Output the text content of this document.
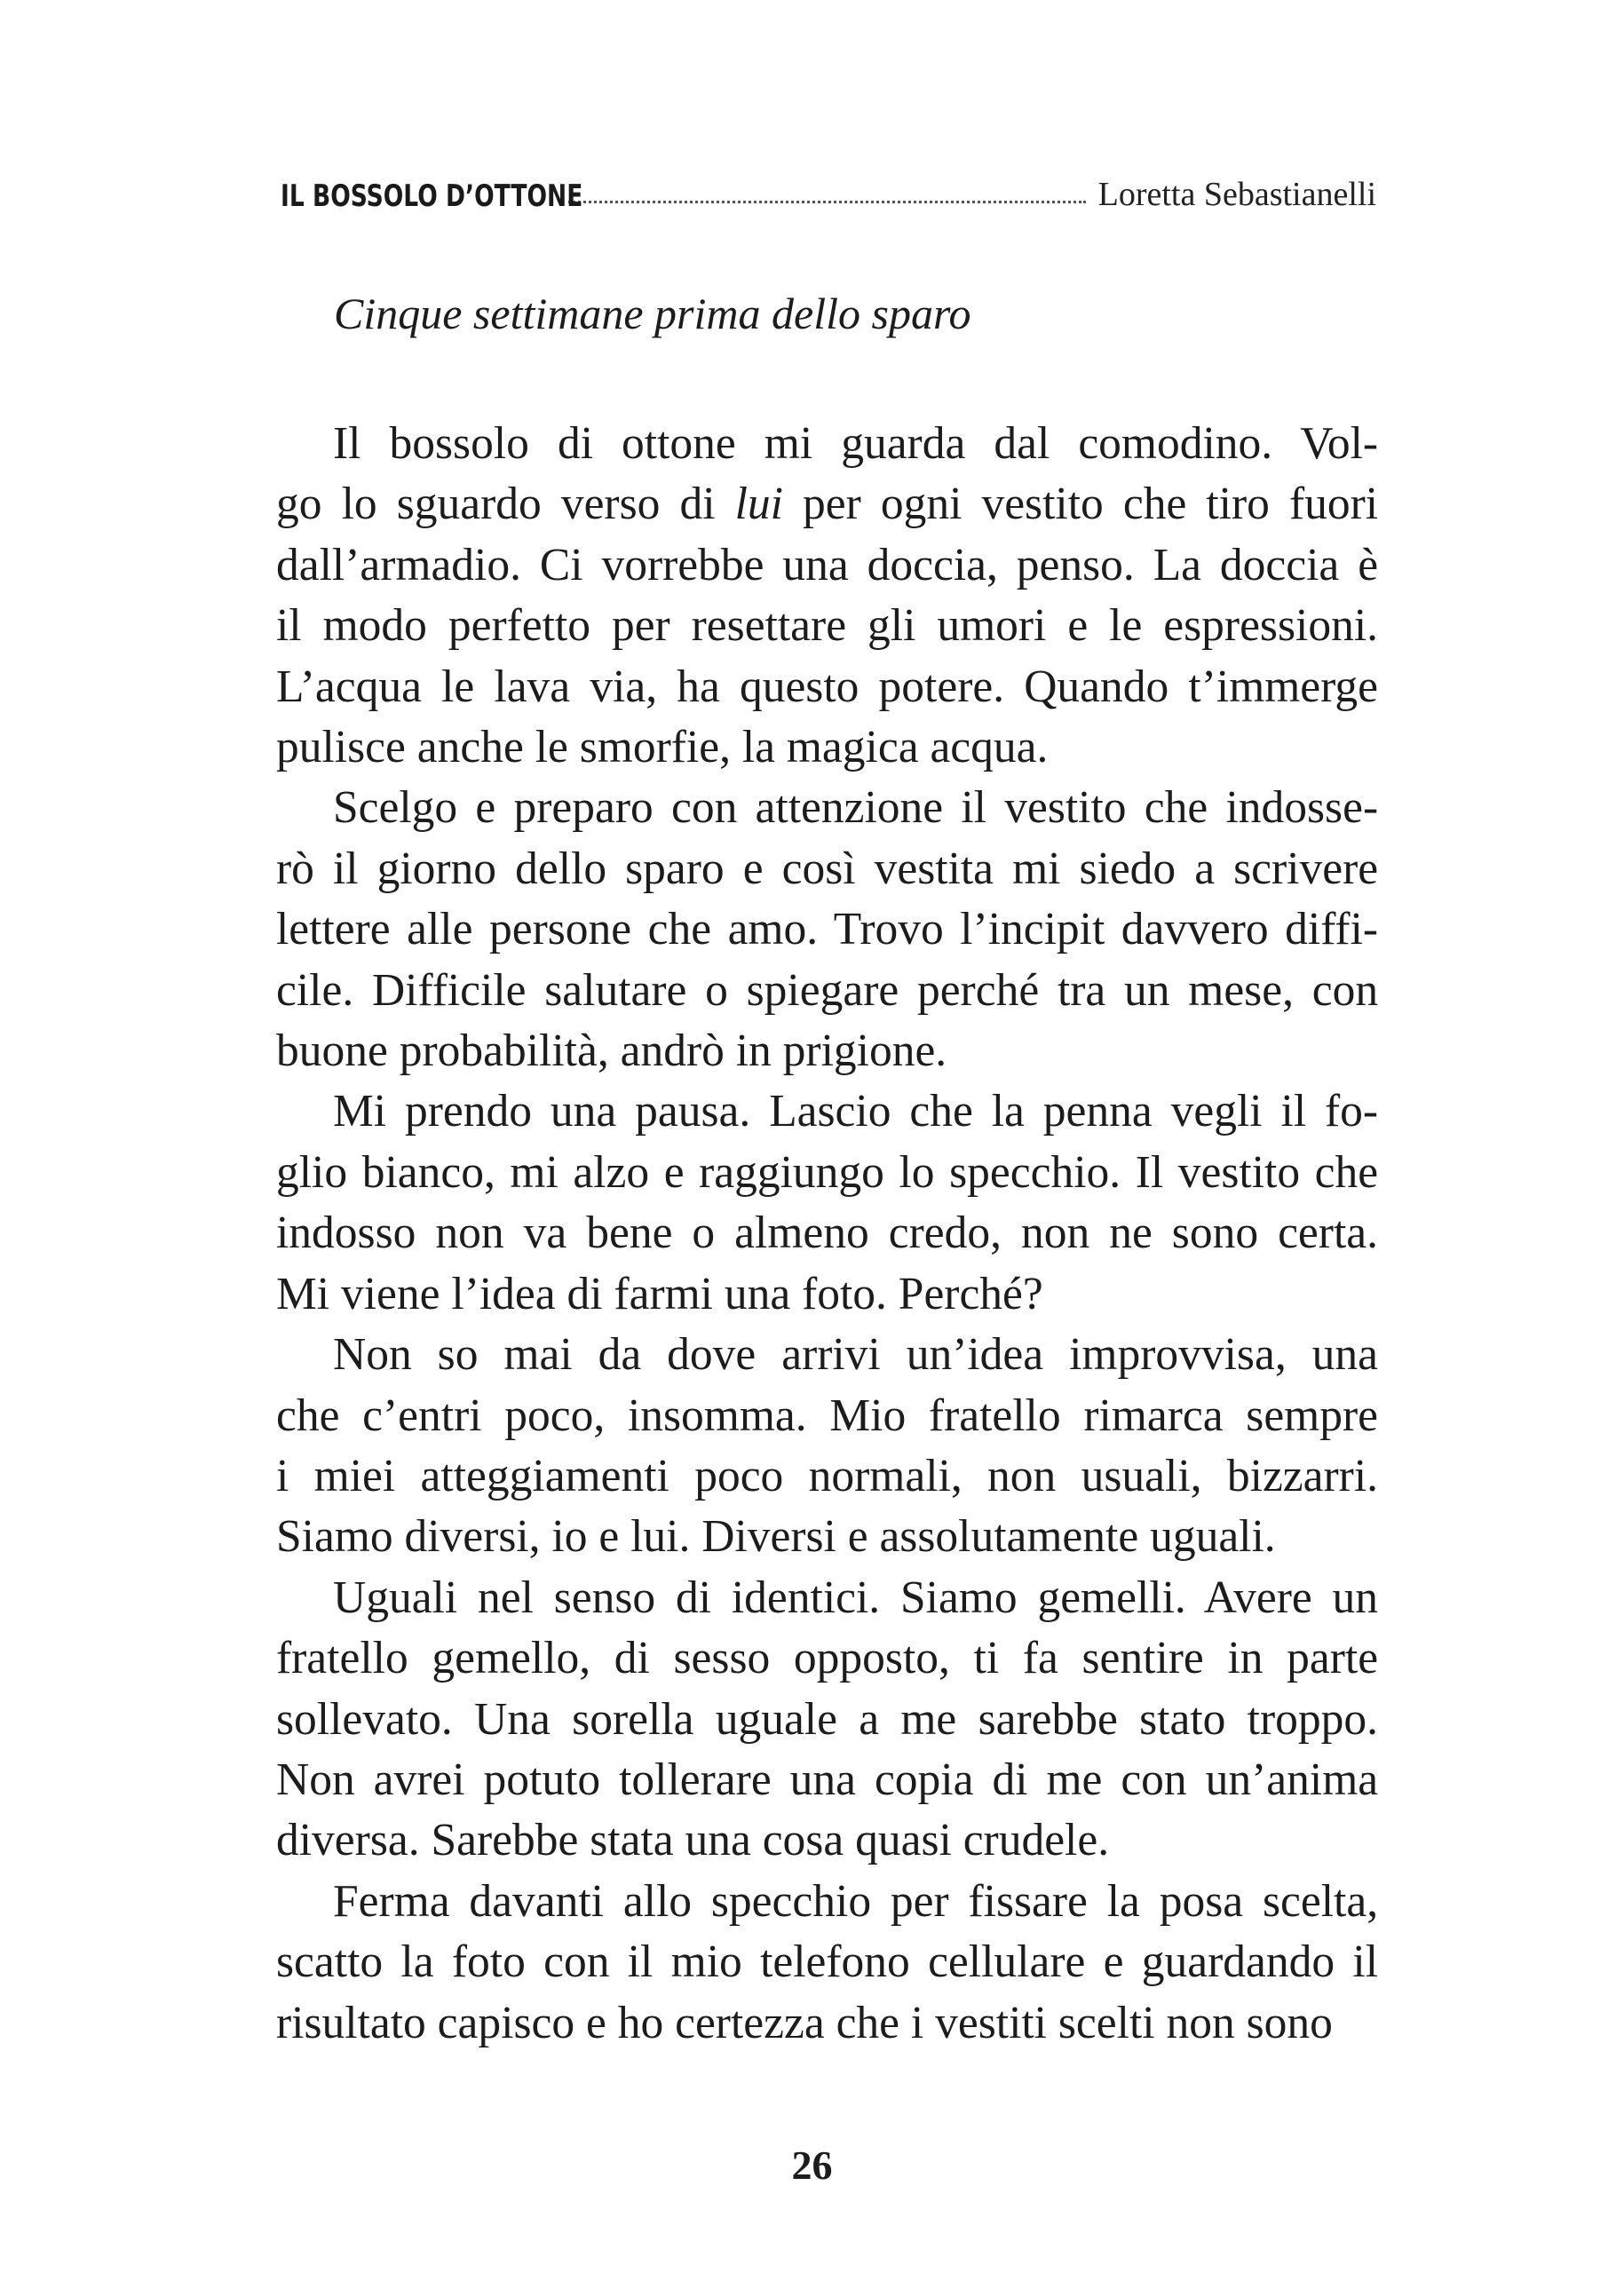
IL BOSSOLO D’OTTONE	Loretta Sebastianelli
Cinque settimane prima dello sparo

Il bossolo di ottone mi guarda dal comodino. Vol-
go lo sguardo verso di lui per ogni vestito che tiro fuori
dall’armadio. Ci vorrebbe una doccia, penso. La doccia è
il modo perfetto per resettare gli umori e le espressioni.
L’acqua le lava via, ha questo potere. Quando t’immerge
pulisce anche le smorfie, la magica acqua.

Scelgo e preparo con attenzione il vestito che indosse-
rò il giorno dello sparo e così vestita mi siedo a scrivere
lettere alle persone che amo. Trovo l’incipit davvero diffi-
cile. Difficile salutare o spiegare perché tra un mese, con
buone probabilità, andrò in prigione.

Mi prendo una pausa. Lascio che la penna vegli il fo-
glio bianco, mi alzo e raggiungo lo specchio. Il vestito che
indosso non va bene o almeno credo, non ne sono certa.
Mi viene l’idea di farmi una foto. Perché?

Non so mai da dove arrivi un’idea improvvisa, una
che c’entri poco, insomma. Mio fratello rimarca sempre
i miei atteggiamenti poco normali, non usuali, bizzarri.
Siamo diversi, io e lui. Diversi e assolutamente uguali.

Uguali nel senso di identici. Siamo gemelli. Avere un
fratello gemello, di sesso opposto, ti fa sentire in parte
sollevato. Una sorella uguale a me sarebbe stato troppo.
Non avrei potuto tollerare una copia di me con un’anima
diversa. Sarebbe stata una cosa quasi crudele.

Ferma davanti allo specchio per fissare la posa scelta,
scatto la foto con il mio telefono cellulare e guardando il
risultato capisco e ho certezza che i vestiti scelti non sono

26
